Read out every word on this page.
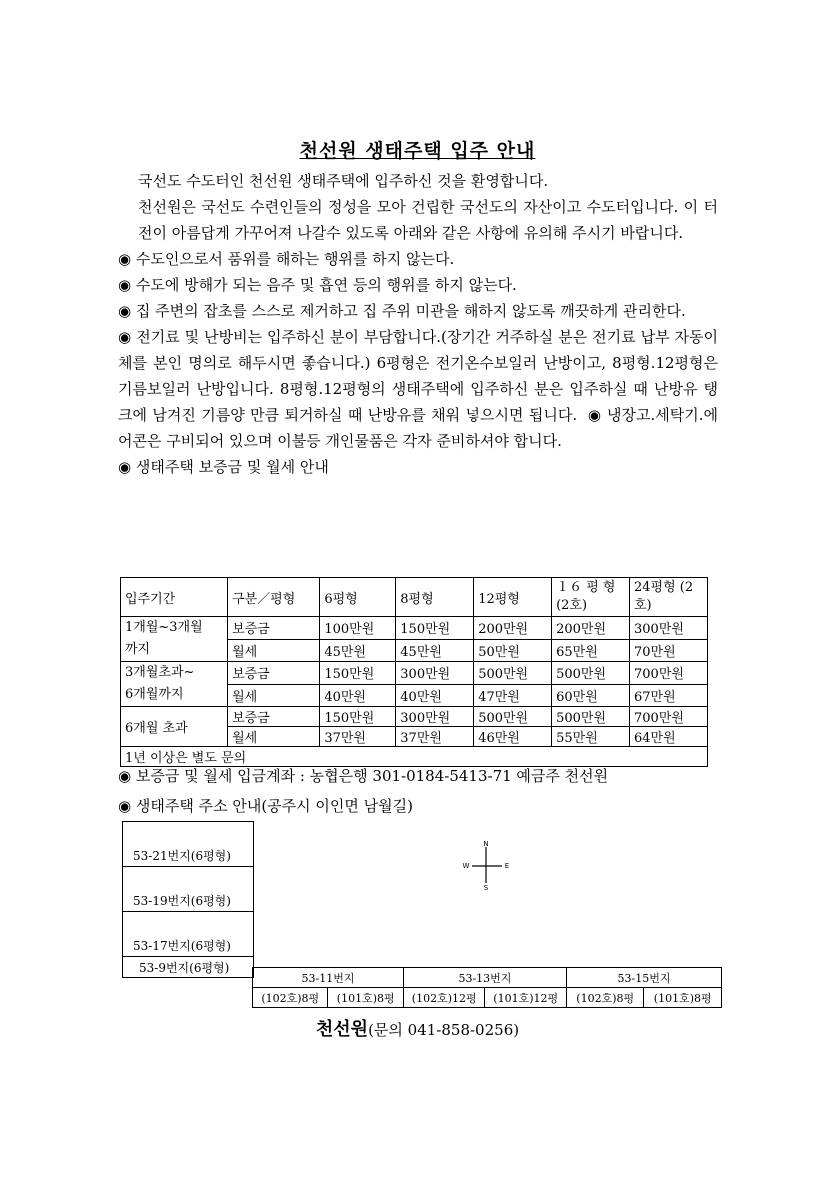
천선원 생태주택 입주 안내

국선도 수도터인 천선원 생태주택에 입주하신 것을 환영합니다.

천선원은 국선도 수련인들의 정성을 모아 건립한 국선도의 자산이고 수도터입니다. 이 터전이 아름답게 가꾸어져 나갈수 있도록 아래와 같은 사항에 유의해 주시기 바랍니다.

◉ 수도인으로서 품위를 해하는 행위를 하지 않는다.

◉ 수도에 방해가 되는 음주 및 흡연 등의 행위를 하지 않는다.

◉ 집 주변의 잡초를 스스로 제거하고 집 주위 미관을 해하지 않도록 깨끗하게 관리한다.

◉ 전기료 및 난방비는 입주하신 분이 부담합니다.(장기간 거주하실 분은 전기료 납부 자동이체를 본인 명의로 해두시면 좋습니다.) 6평형은 전기온수보일러 난방이고, 8평형.12평형은 기름보일러 난방입니다. 8평형.12평형의 생태주택에 입주하신 분은 입주하실 때 난방유 탱크에 남겨진 기름양 만큼 퇴거하실 때 난방유를 채워 넣으시면 됩니다. ◉ 냉장고.세탁기.에어콘은 구비되어 있으며 이불등 개인물품은 각자 준비하셔야 합니다.

◉ 생태주택 보증금 및 월세 안내

입주기간	구분／평형	6평형	8평형	12평형	１６ 평 형
(2호)	24평형 (2
호)
1개월~3개월
까지	보증금	100만원	150만원	200만원	200만원	300만원
	월세	45만원	45만원	50만원	65만원	70만원
3개월초과~
6개월까지	보증금	150만원	300만원	500만원	500만원	700만원
	월세	40만원	40만원	47만원	60만원	67만원
6개월 초과	보증금	150만원	300만원	500만원	500만원	700만원
	월세	37만원	37만원	46만원	55만원	64만원
1년 이상은 별도 문의						
◉ 보증금 및 월세 입금계좌 : 농협은행 301-0184-5413-71 예금주 천선원
◉ 생태주택 주소 안내(공주시 이인면 남월길)
53-21번지(6평형)
53-19번지(6평형)
53-17번지(6평형)
53-9번지(6평형)
N
S
E
W
53-11번지		53-13번지		53-15번지	
(102호)8평	(101호)8평	(102호)12평	(101호)12평	(102호)8평	(101호)8평
천선원(문의 041-858-0256)
